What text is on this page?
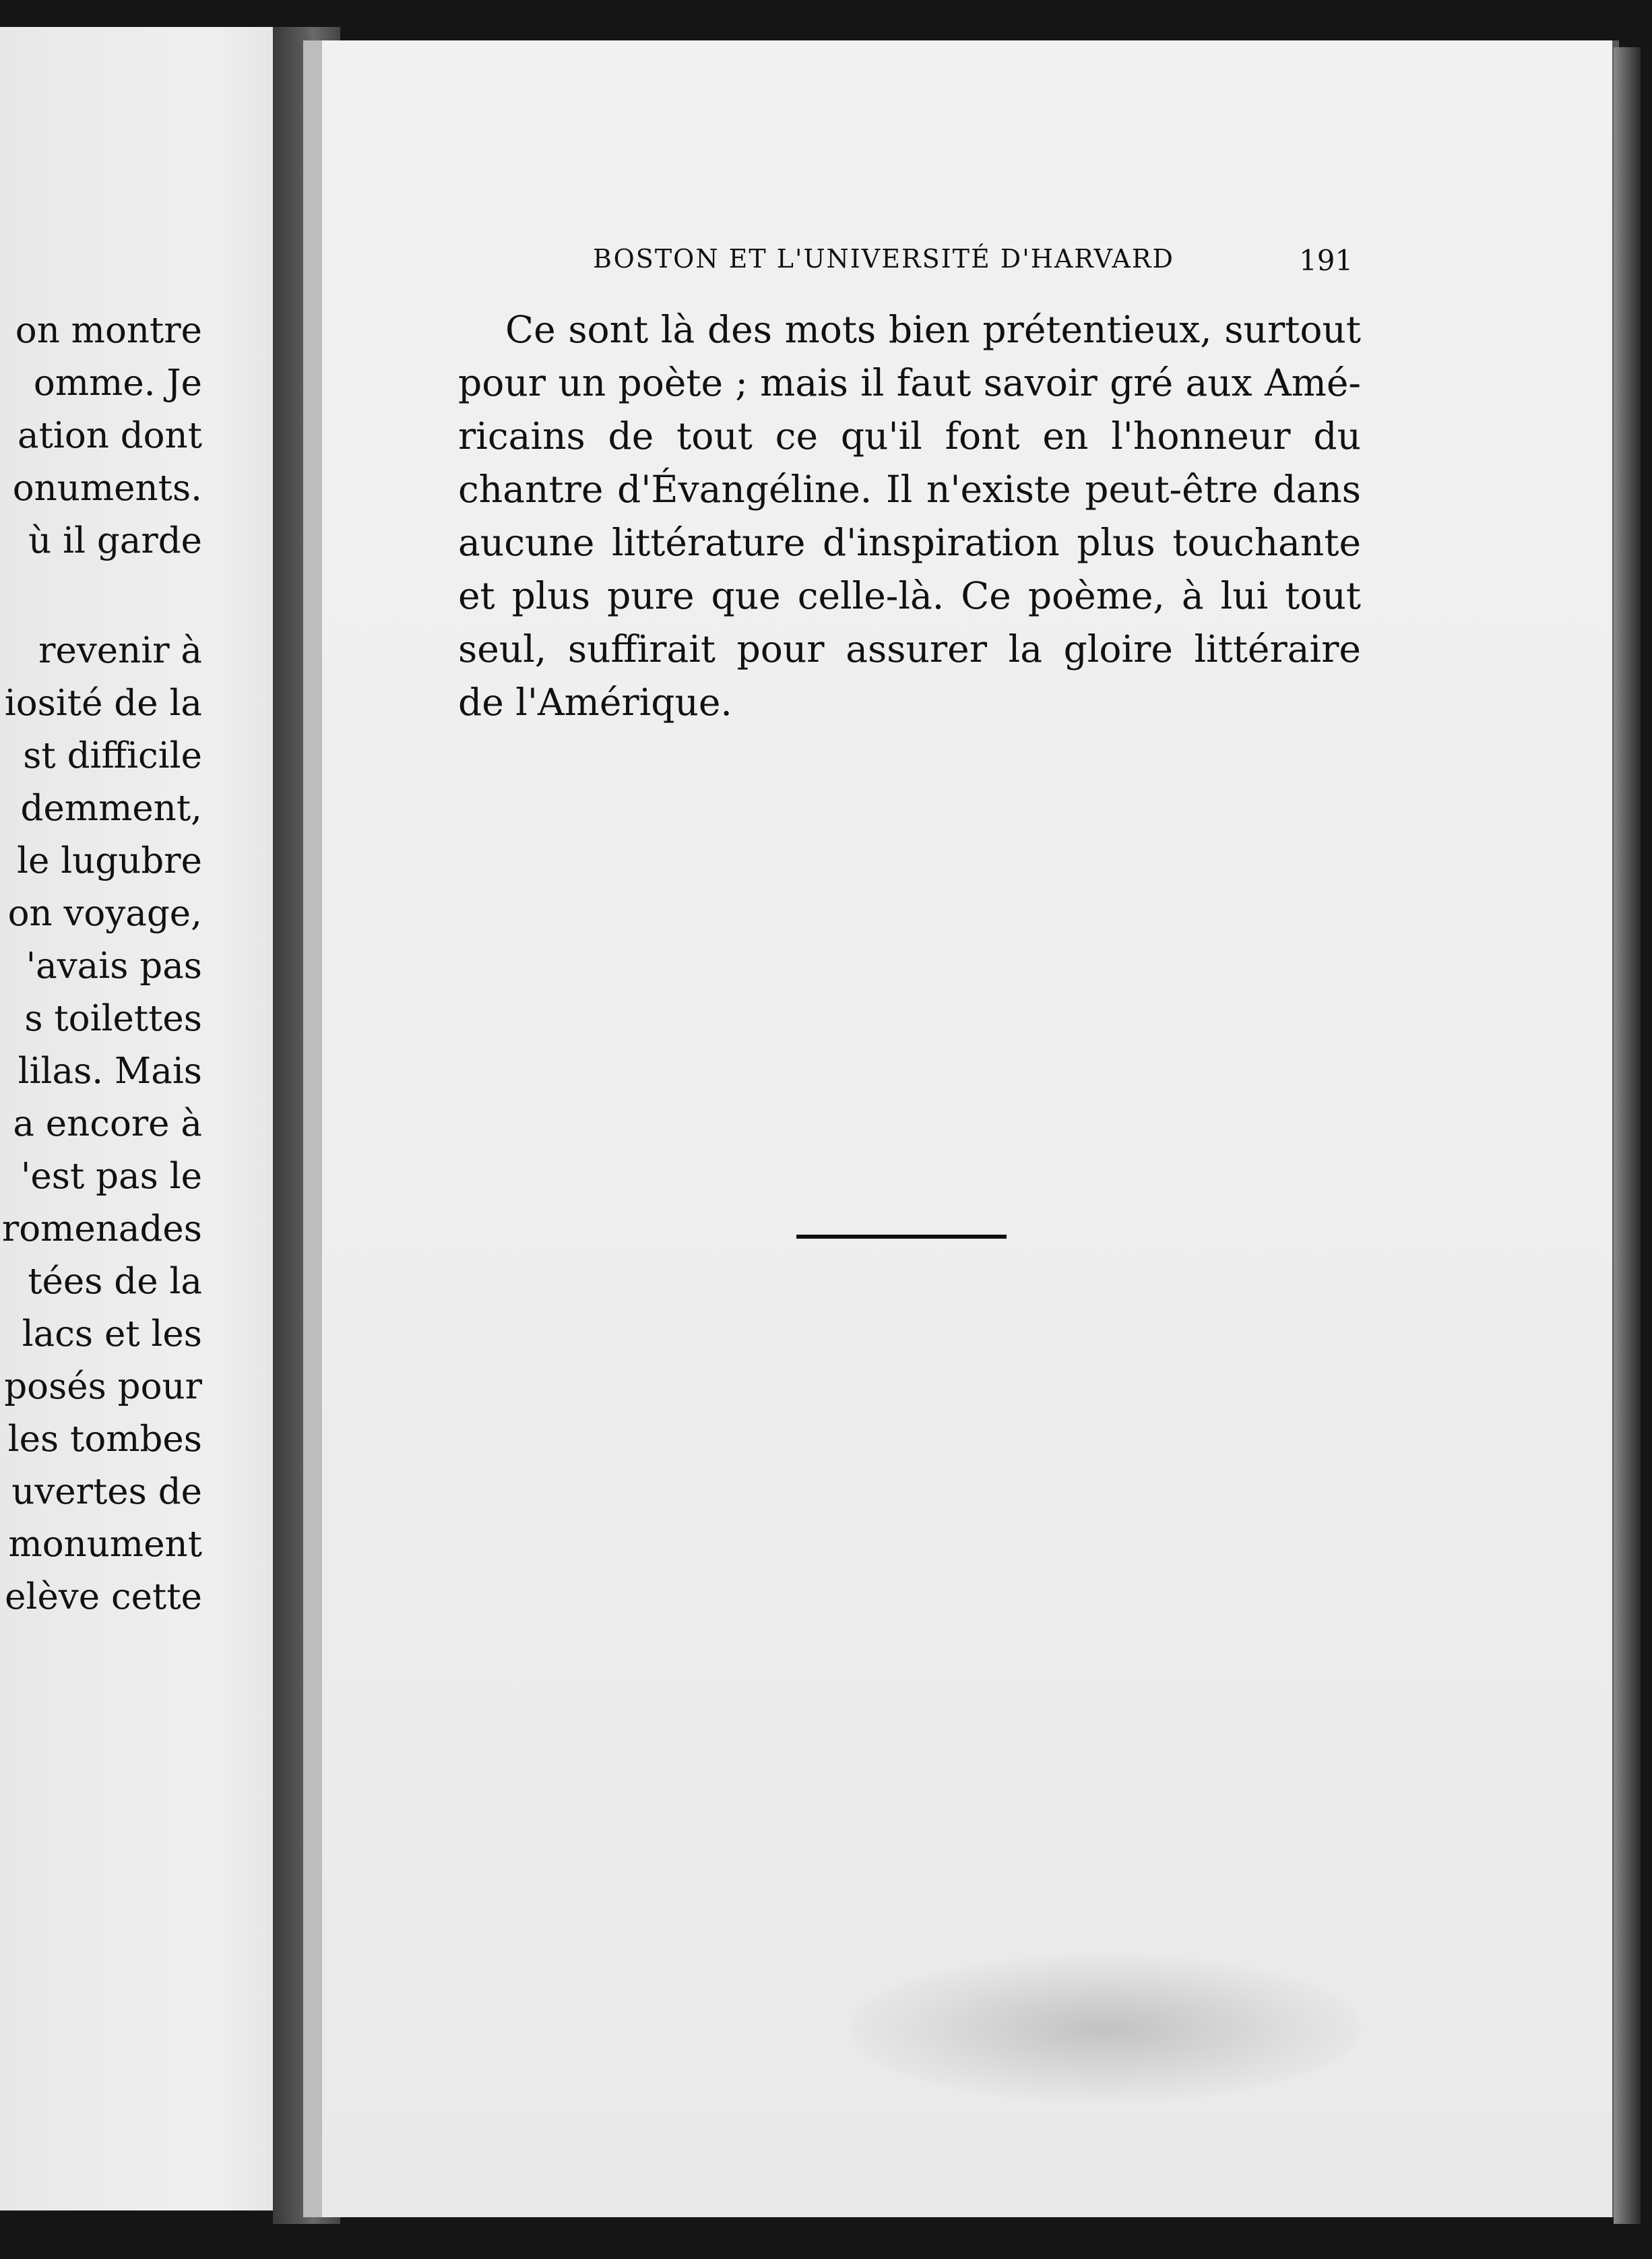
on montre
omme. Je
ation dont
onuments.
ù il garde
revenir à
iosité de la
st difficile
demment,
le lugubre
on voyage,
'avais pas
s toilettes
lilas. Mais
a encore à
'est pas le
romenades
tées de la
lacs et les
posés pour
les tombes
uvertes de
monument
elève cette
BOSTON ET L'UNIVERSITÉ D'HARVARD	191
Ce sont là des mots bien prétentieux, surtout
pour un poète ; mais il faut savoir gré aux Amé-
ricains de tout ce qu'il font en l'honneur du
chantre d'Évangéline. Il n'existe peut-être dans
aucune littérature d'inspiration plus touchante
et plus pure que celle-là. Ce poème, à lui tout
seul, suffirait pour assurer la gloire littéraire
de l'Amérique.
